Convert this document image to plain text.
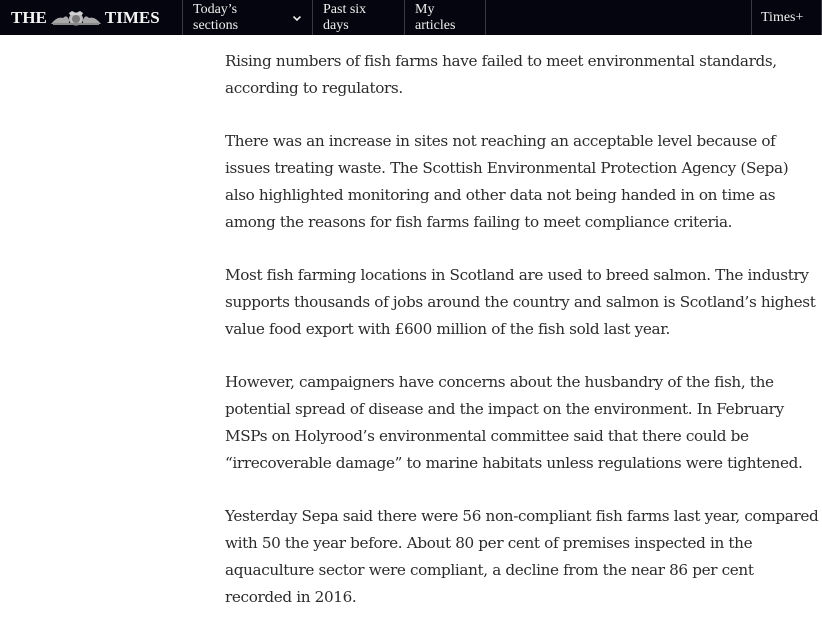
THE	TIMES Today’s sections
Past six days
My articles
Times+

Rising numbers of fish farms have failed to meet environmental standards, according to regulators.

There was an increase in sites not reaching an acceptable level because of issues treating waste. The Scottish Environmental Protection Agency (Sepa) also highlighted monitoring and other data not being handed in on time as among the reasons for fish farms failing to meet compliance criteria.

Most fish farming locations in Scotland are used to breed salmon. The industry supports thousands of jobs around the country and salmon is Scotland’s highest value food export with £600 million of the fish sold last year.

However, campaigners have concerns about the husbandry of the fish, the potential spread of disease and the impact on the environment. In February MSPs on Holyrood’s environmental committee said that there could be “irrecoverable damage” to marine habitats unless regulations were tightened.

Yesterday Sepa said there were 56 non-compliant fish farms last year, compared with 50 the year before. About 80 per cent of premises inspected in the aquaculture sector were compliant, a decline from the near 86 per cent recorded in 2016.
